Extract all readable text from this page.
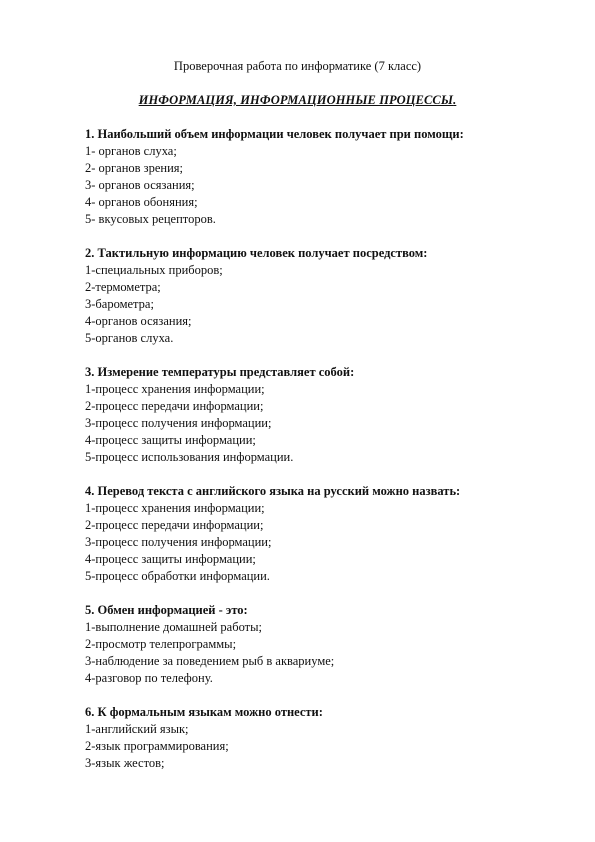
Проверочная работа по информатике (7 класс)
ИНФОРМАЦИЯ, ИНФОРМАЦИОННЫЕ ПРОЦЕССЫ.
1. Наибольший объем информации человек получает при помощи:
1- органов слуха;
2- органов зрения;
3- органов осязания;
4- органов обоняния;
5- вкусовых рецепторов.
2. Тактильную информацию человек получает посредством:
1-специальных приборов;
2-термометра;
3-барометра;
4-органов осязания;
5-органов слуха.
3. Измерение температуры представляет собой:
1-процесс хранения информации;
2-процесс передачи информации;
3-процесс получения информации;
4-процесс защиты информации;
5-процесс использования информации.
4. Перевод текста с английского языка на русский можно назвать:
1-процесс хранения информации;
2-процесс передачи информации;
3-процесс получения информации;
4-процесс защиты информации;
5-процесс обработки информации.
5. Обмен информацией - это:
1-выполнение домашней работы;
2-просмотр телепрограммы;
3-наблюдение за поведением рыб в аквариуме;
4-разговор по телефону.
6. К формальным языкам можно отнести:
1-английский язык;
2-язык программирования;
3-язык жестов;
